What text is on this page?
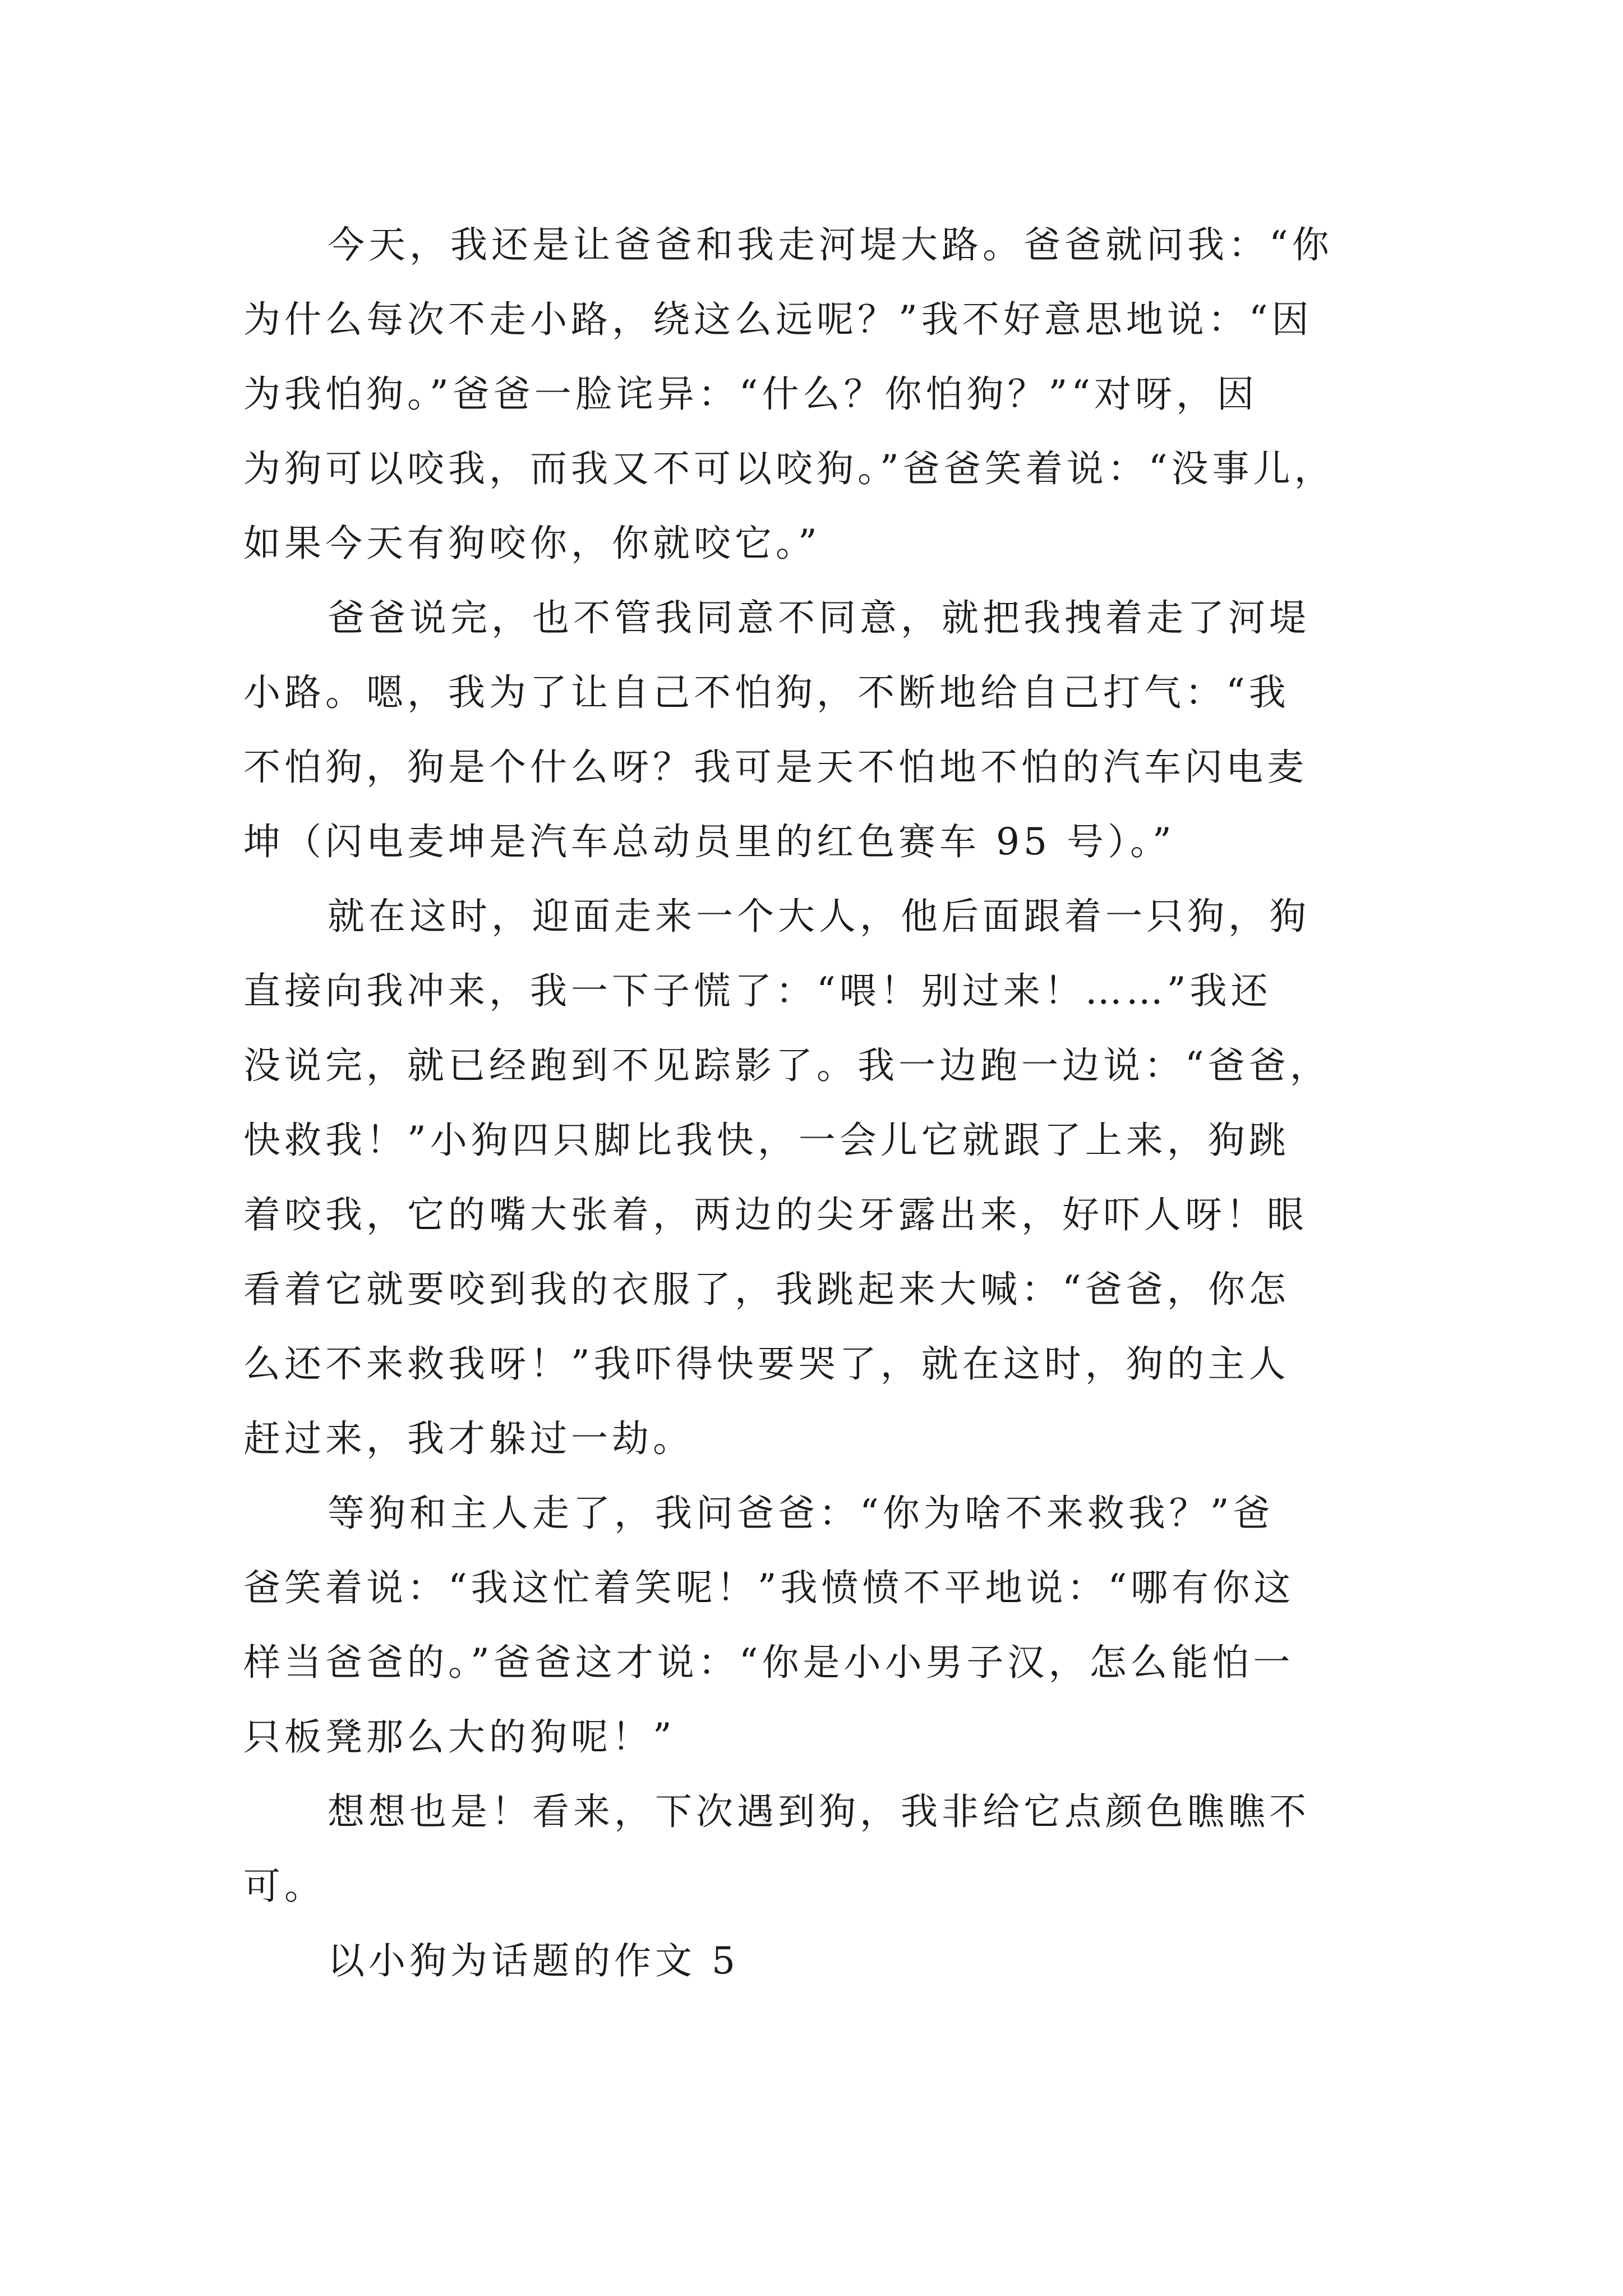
今天，我还是让爸爸和我走河堤大路。爸爸就问我：“你
为什么每次不走小路，绕这么远呢？”我不好意思地说：“因
为我怕狗。”爸爸一脸诧异：“什么？你怕狗？”“对呀，因
为狗可以咬我，而我又不可以咬狗。”爸爸笑着说：“没事儿，
如果今天有狗咬你，你就咬它。”
爸爸说完，也不管我同意不同意，就把我拽着走了河堤
小路。嗯，我为了让自己不怕狗，不断地给自己打气：“我
不怕狗，狗是个什么呀？我可是天不怕地不怕的汽车闪电麦
坤（闪电麦坤是汽车总动员里的红色赛车 95 号）。”
就在这时，迎面走来一个大人，他后面跟着一只狗，狗
直接向我冲来，我一下子慌了：“喂！别过来！……”我还
没说完，就已经跑到不见踪影了。我一边跑一边说：“爸爸，
快救我！”小狗四只脚比我快，一会儿它就跟了上来，狗跳
着咬我，它的嘴大张着，两边的尖牙露出来，好吓人呀！眼
看着它就要咬到我的衣服了，我跳起来大喊：“爸爸，你怎
么还不来救我呀！”我吓得快要哭了，就在这时，狗的主人
赶过来，我才躲过一劫。
等狗和主人走了，我问爸爸：“你为啥不来救我？”爸
爸笑着说：“我这忙着笑呢！”我愤愤不平地说：“哪有你这
样当爸爸的。”爸爸这才说：“你是小小男子汉，怎么能怕一
只板凳那么大的狗呢！”
想想也是！看来，下次遇到狗，我非给它点颜色瞧瞧不
可。
以小狗为话题的作文 5
